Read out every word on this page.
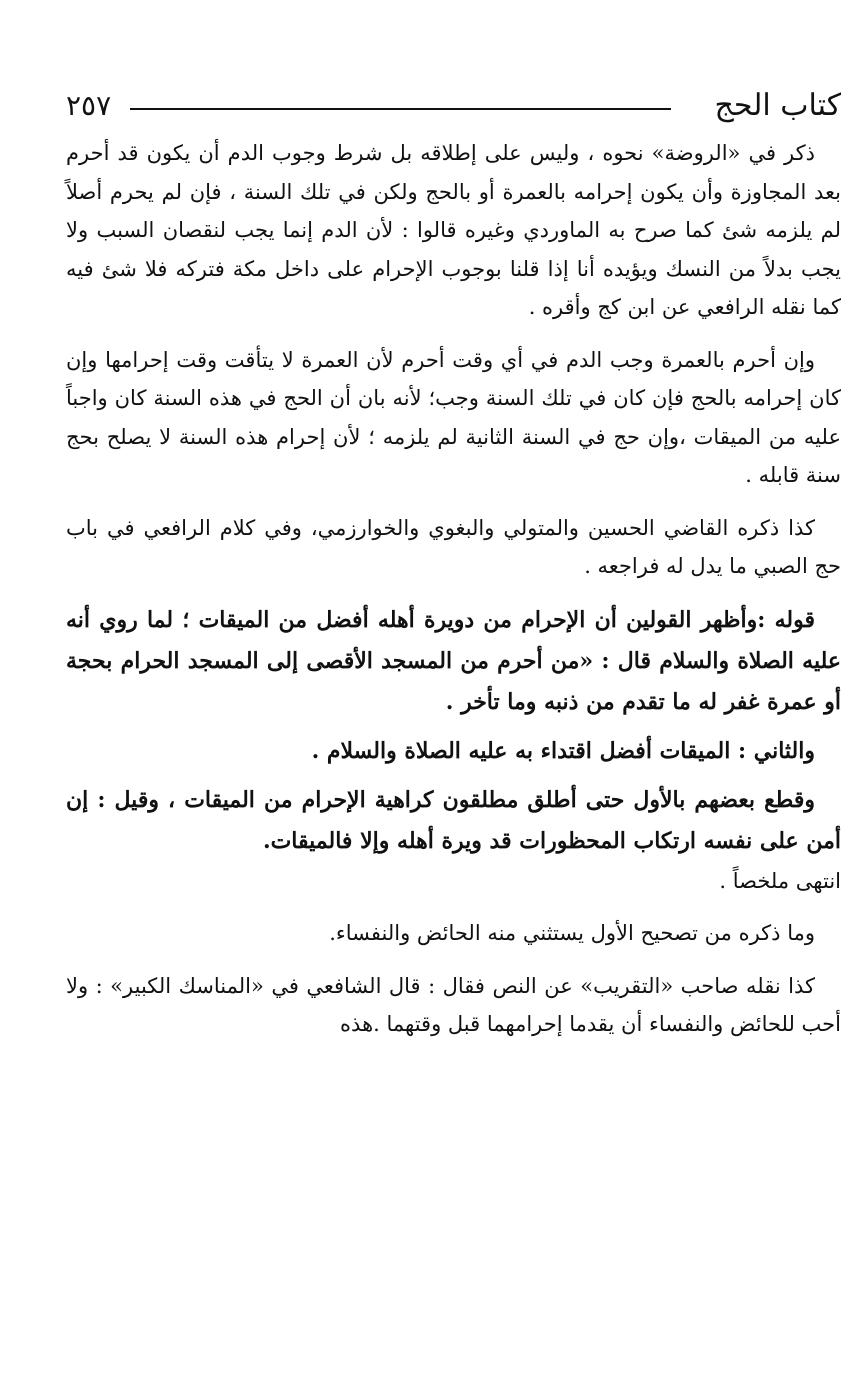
كتاب الحج
٢٥٧

ذكر في «الروضة» نحوه ، وليس على إطلاقه بل شرط وجوب الدم أن يكون قد أحرم بعد المجاوزة وأن يكون إحرامه بالعمرة أو بالحج ولكن في تلك السنة ، فإن لم يحرم أصلاً لم يلزمه شئ كما صرح به الماوردي وغيره قالوا : لأن الدم إنما يجب لنقصان السبب ولا يجب بدلاً من النسك ويؤيده أنا إذا قلنا بوجوب الإحرام على داخل مكة فتركه فلا شئ فيه كما نقله الرافعي عن ابن كج وأقره .

وإن أحرم بالعمرة وجب الدم في أي وقت أحرم لأن العمرة لا يتأقت وقت إحرامها وإن كان إحرامه بالحج فإن كان في تلك السنة وجب؛ لأنه بان أن الحج في هذه السنة كان واجباً عليه من الميقات ،وإن حج في السنة الثانية لم يلزمه ؛ لأن إحرام هذه السنة لا يصلح بحج سنة قابله .

كذا ذكره القاضي الحسين والمتولي والبغوي والخوارزمي، وفي كلام الرافعي في باب حج الصبي ما يدل له فراجعه .

قوله :وأظهر القولين أن الإحرام من دويرة أهله أفضل من الميقات ؛ لما روي أنه عليه الصلاة والسلام قال : «من أحرم من المسجد الأقصى إلى المسجد الحرام بحجة أو عمرة غفر له ما تقدم من ذنبه وما تأخر .

والثاني : الميقات أفضل اقتداء به عليه الصلاة والسلام .

وقطع بعضهم بالأول حتى أطلق مطلقون كراهية الإحرام من الميقات ، وقيل : إن أمن على نفسه ارتكاب المحظورات قد ويرة أهله وإلا فالميقات.

انتهى ملخصاً .

وما ذكره من تصحيح الأول يستثني منه الحائض والنفساء.

كذا نقله صاحب «التقريب» عن النص فقال : قال الشافعي في «المناسك الكبير» : ولا أحب للحائض والنفساء أن يقدما إحرامهما قبل وقتهما .هذه
